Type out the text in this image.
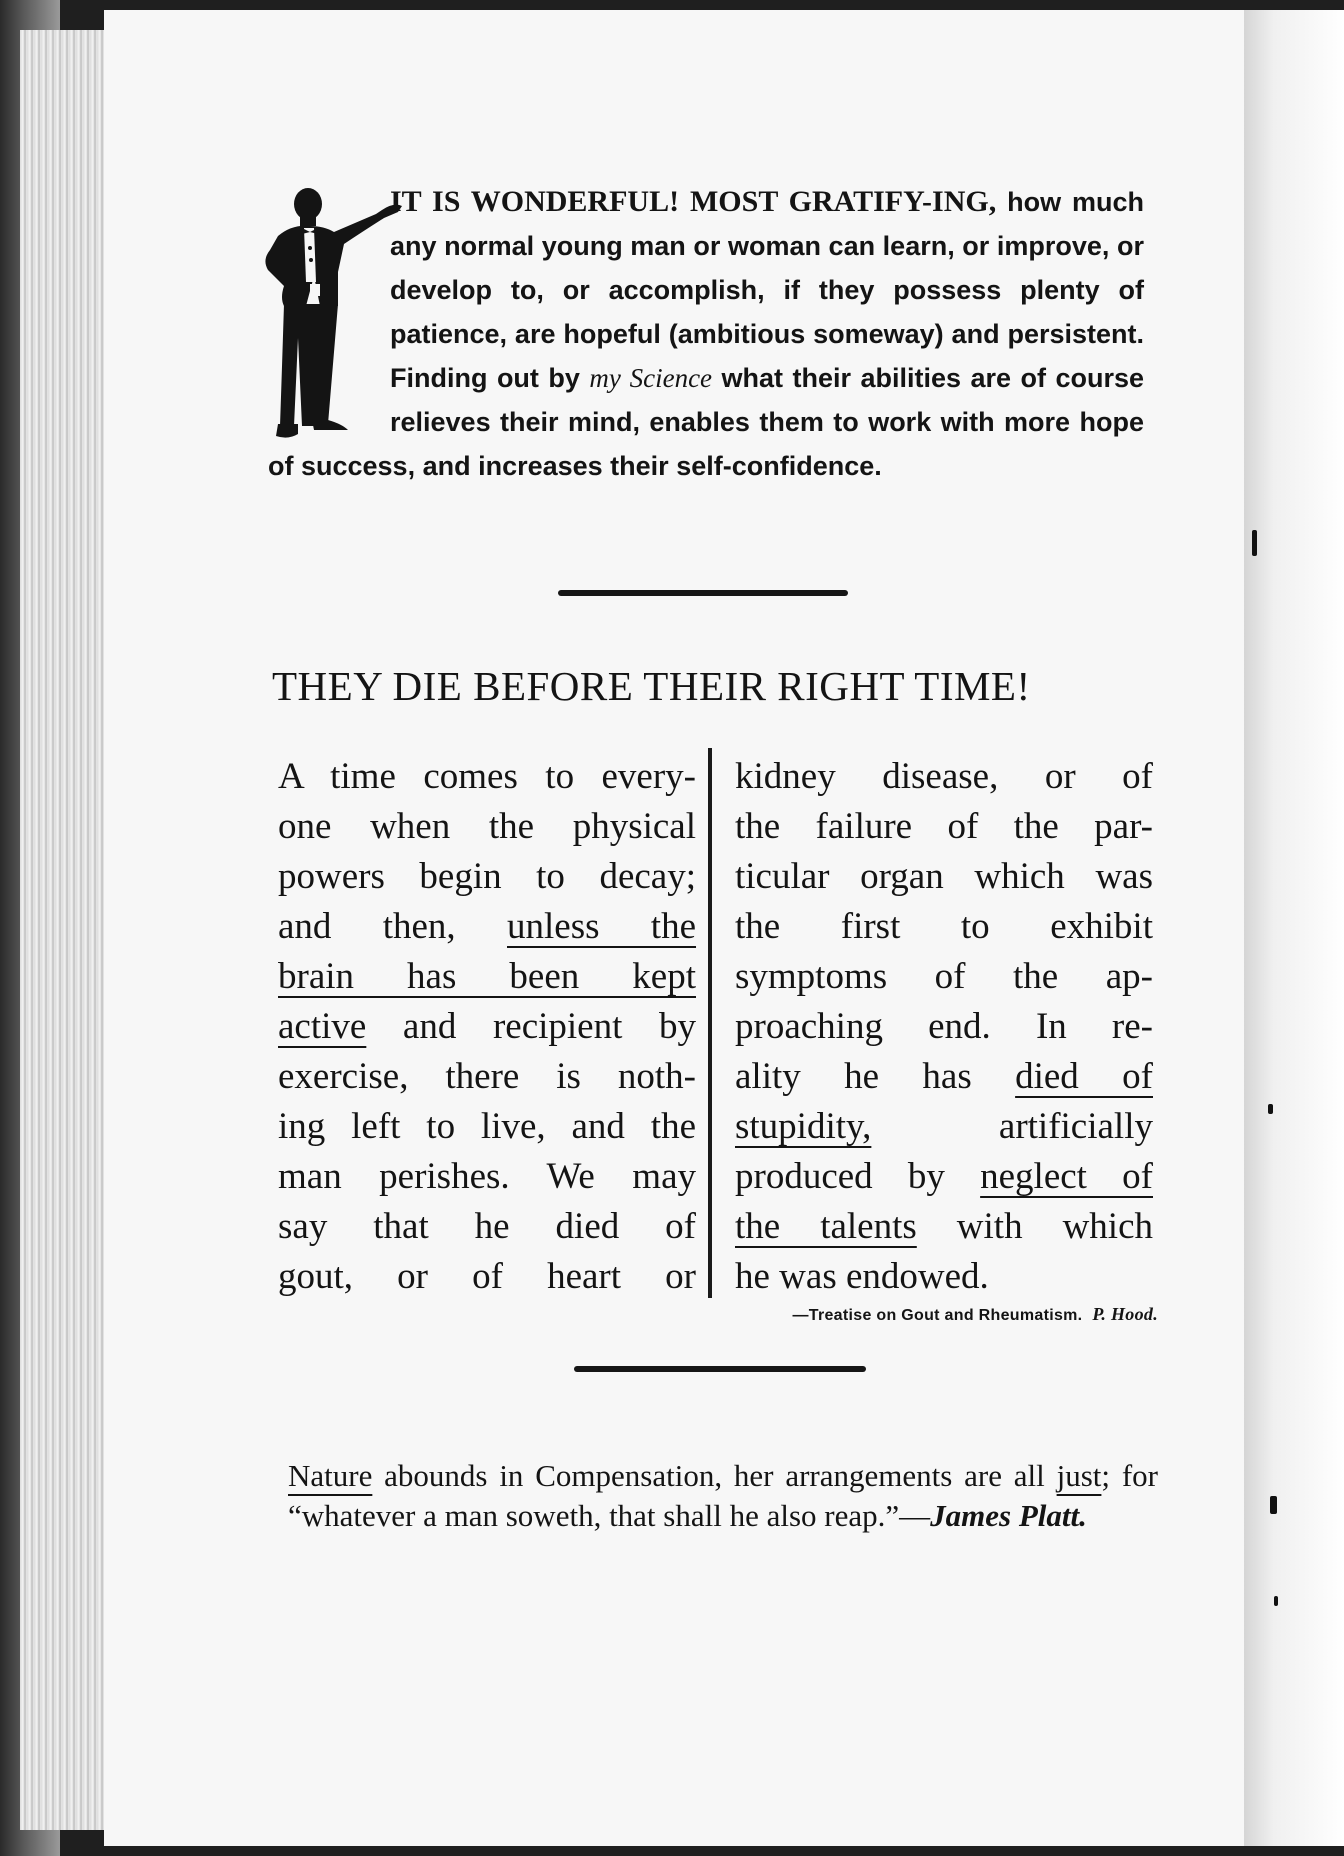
IT IS WONDERFUL! MOST GRATIFY-ING, how much any normal young man or woman can learn, or improve, or develop to, or accomplish, if they possess plenty of patience, are hopeful (ambitious someway) and persistent. Finding out by my Science what their abilities are of course relieves their mind, enables them to work with more hope of success, and increases their self-confidence.

THEY DIE BEFORE THEIR RIGHT TIME!
A time comes to every-
one when the physical
powers begin to decay;
and then, unless the
brain has been kept
active and recipient by
exercise, there is noth-
ing left to live, and the
man perishes. We may
say that he died of
gout, or of heart or
kidney disease, or of
the failure of the par-
ticular organ which was
the first to exhibit
symptoms of the ap-
proaching end. In re-
ality he has died of
stupidity, artificially
produced by neglect of
the talents with which
he was endowed.

—Treatise on Gout and Rheumatism. P. Hood.

Nature abounds in Compensation, her arrangements are all just; for “whatever a man soweth, that shall he also reap.”—James Platt.
